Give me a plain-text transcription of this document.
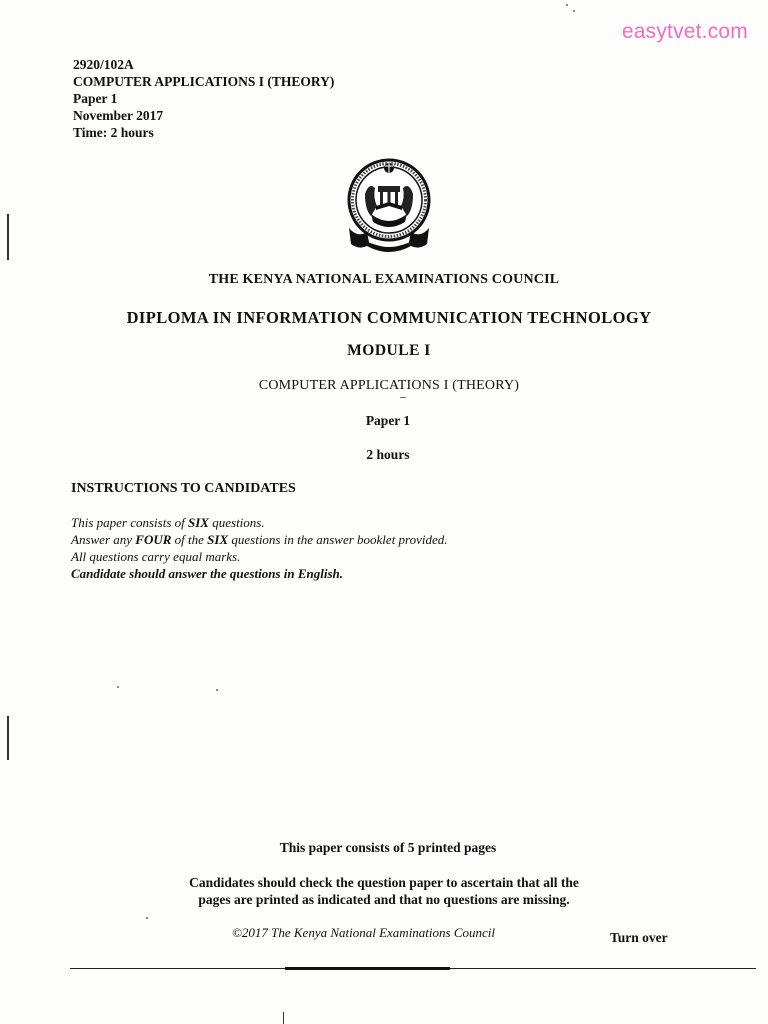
easytvet.com
2920/102A
COMPUTER APPLICATIONS I (THEORY)
Paper 1
November 2017
Time: 2 hours
THE KENYA NATIONAL EXAMINATIONS COUNCIL
DIPLOMA IN INFORMATION COMMUNICATION TECHNOLOGY
MODULE I
COMPUTER APPLICATIONS I (THEORY)
Paper 1
2 hours
INSTRUCTIONS TO CANDIDATES
This paper consists of SIX questions.
Answer any FOUR of the SIX questions in the answer booklet provided.
All questions carry equal marks.
Candidate should answer the questions in English.
This paper consists of 5 printed pages
Candidates should check the question paper to ascertain that all the
pages are printed as indicated and that no questions are missing.
©2017 The Kenya National Examinations Council	Turn over
